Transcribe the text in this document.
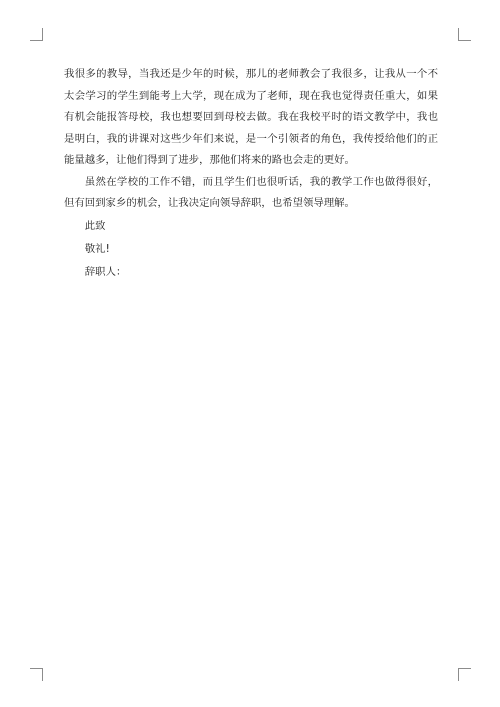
我很多的教导，当我还是少年的时候，那儿的老师教会了我很多，让我从一个不太会学习的学生到能考上大学，现在成为了老师，现在我也觉得责任重大，如果有机会能报答母校，我也想要回到母校去做。我在我校平时的语文教学中，我也是明白，我的讲课对这些少年们来说，是一个引领者的角色，我传授给他们的正能量越多，让他们得到了进步，那他们将来的路也会走的更好。

虽然在学校的工作不错，而且学生们也很听话，我的教学工作也做得很好，但有回到家乡的机会，让我决定向领导辞职，也希望领导理解。

此致

敬礼!

辞职人：
